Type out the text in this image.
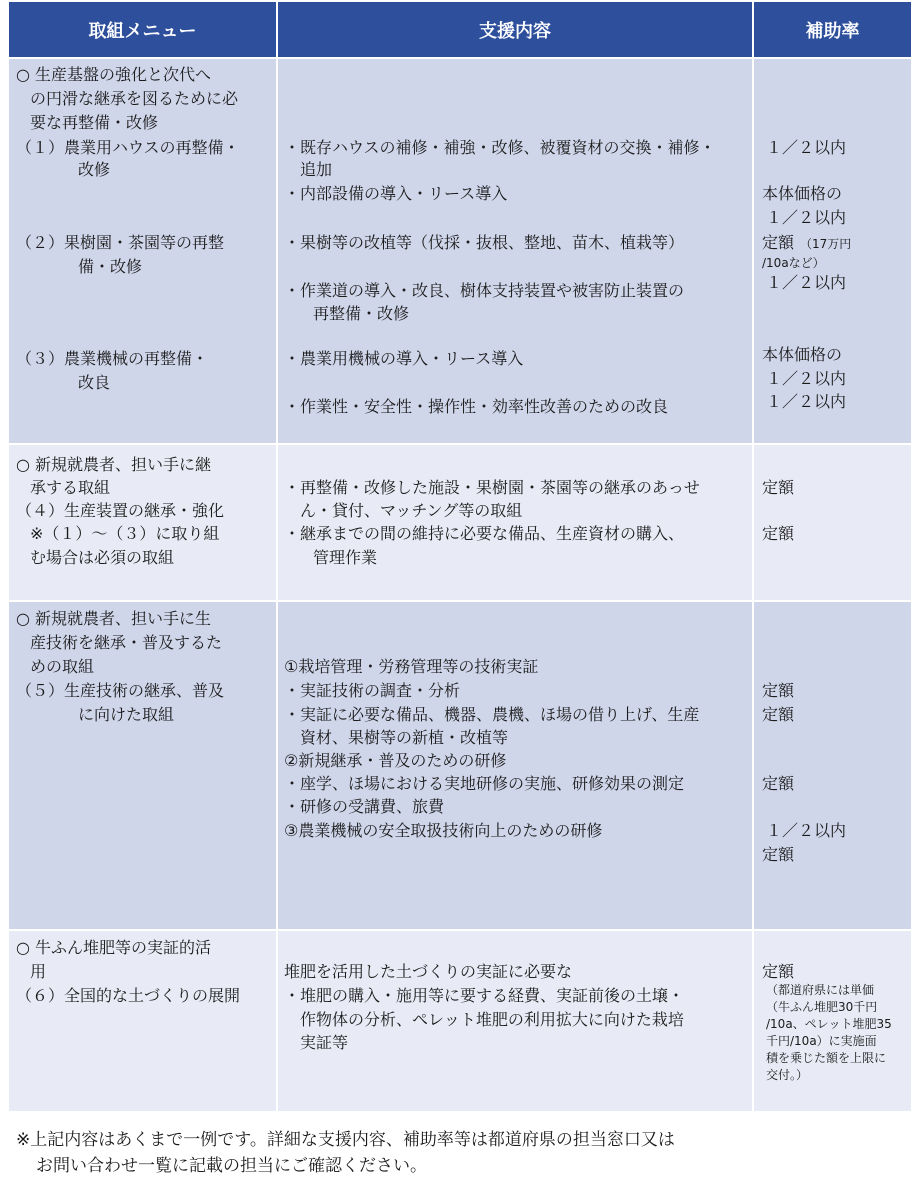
取組メニュー	支援内容	補助率
○ 生産基盤の強化と次代へ
の円滑な継承を図るために必
要な再整備・改修
（１）農業用ハウスの再整備・
改修
（２）果樹園・茶園等の再整
備・改修
（３）農業機械の再整備・
改良
・既存ハウスの補修・補強・改修、被覆資材の交換・補修・
追加
・内部設備の導入・リース導入
・果樹等の改植等（伐採・抜根、整地、苗木、植栽等）
・作業道の導入・改良、樹体支持装置や被害防止装置の
再整備・改修
・農業用機械の導入・リース導入
・作業性・安全性・操作性・効率性改善のための改良
１／２以内
本体価格の
１／２以内
定額 （17万円
/10aなど）
１／２以内
本体価格の
１／２以内
１／２以内
○ 新規就農者、担い手に継
承する取組
（４）生産装置の継承・強化
※（１）～（３）に取り組
む場合は必須の取組
・再整備・改修した施設・果樹園・茶園等の継承のあっせ
ん・貸付、マッチング等の取組
・継承までの間の維持に必要な備品、生産資材の購入、
管理作業
定額
定額
○ 新規就農者、担い手に生
産技術を継承・普及するた
めの取組
（５）生産技術の継承、普及
に向けた取組
①栽培管理・労務管理等の技術実証
・実証技術の調査・分析
・実証に必要な備品、機器、農機、ほ場の借り上げ、生産
資材、果樹等の新植・改植等
②新規継承・普及のための研修
・座学、ほ場における実地研修の実施、研修効果の測定
・研修の受講費、旅費
③農業機械の安全取扱技術向上のための研修
定額
定額
定額
１／２以内
定額
○ 牛ふん堆肥等の実証的活
用
（６）全国的な土づくりの展開
堆肥を活用した土づくりの実証に必要な
・堆肥の購入・施用等に要する経費、実証前後の土壌・
作物体の分析、ペレット堆肥の利用拡大に向けた栽培
実証等
定額
（都道府県には単価
（牛ふん堆肥30千円
/10a、ペレット堆肥35
千円/10a）に実施面
積を乗じた額を上限に
交付。）
※上記内容はあくまで一例です。詳細な支援内容、補助率等は都道府県の担当窓口又は
お問い合わせ一覧に記載の担当にご確認ください。
